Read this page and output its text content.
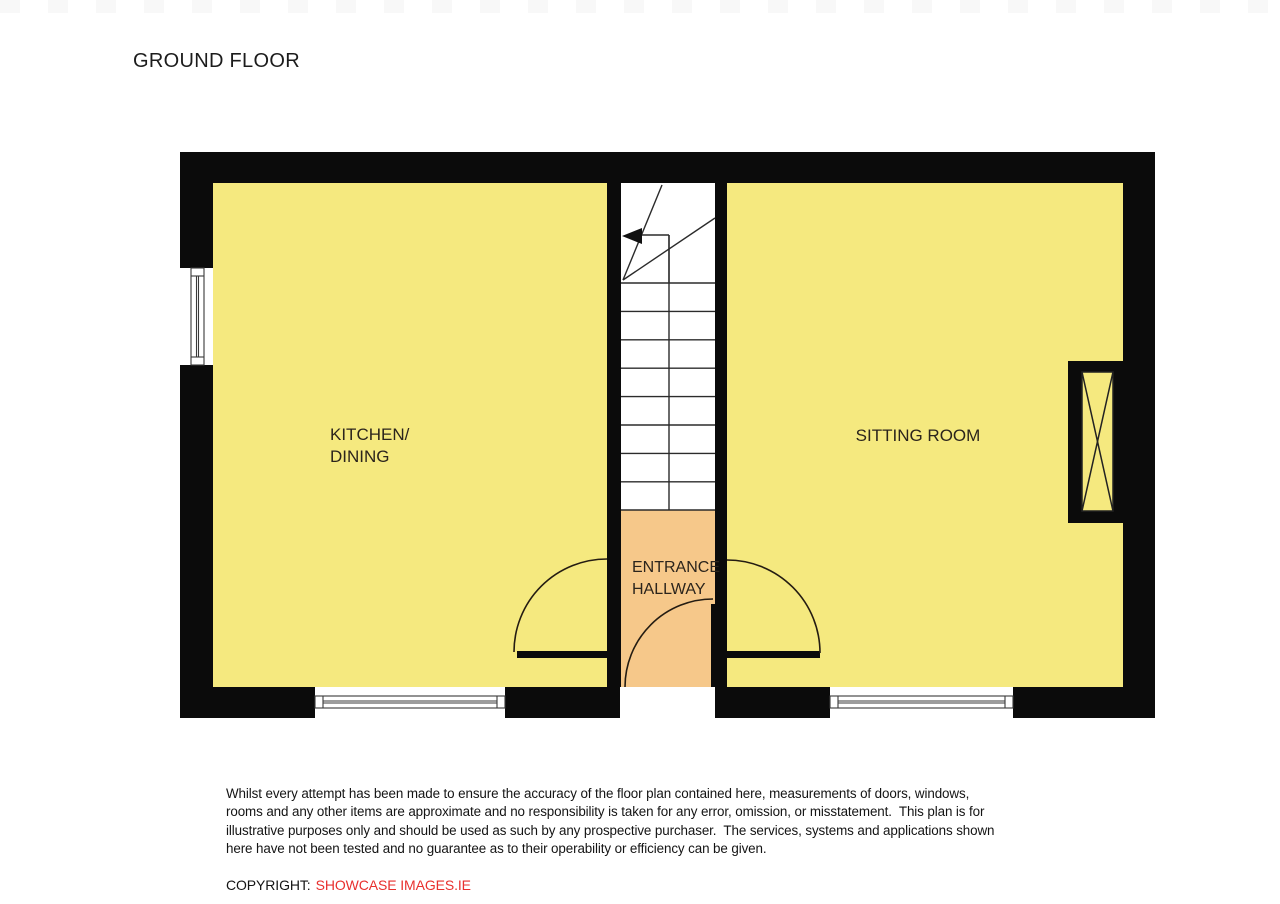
GROUND FLOOR
KITCHEN/
DINING
SITTING ROOM
ENTRANCE
HALLWAY
Whilst every attempt has been made to ensure the accuracy of the floor plan contained here, measurements of doors, windows,
rooms and any other items are approximate and no responsibility is taken for any error, omission, or misstatement.  This plan is for
illustrative purposes only and should be used as such by any prospective purchaser.  The services, systems and applications shown
here have not been tested and no guarantee as to their operability or efficiency can be given.
COPYRIGHT: SHOWCASE IMAGES.IE
